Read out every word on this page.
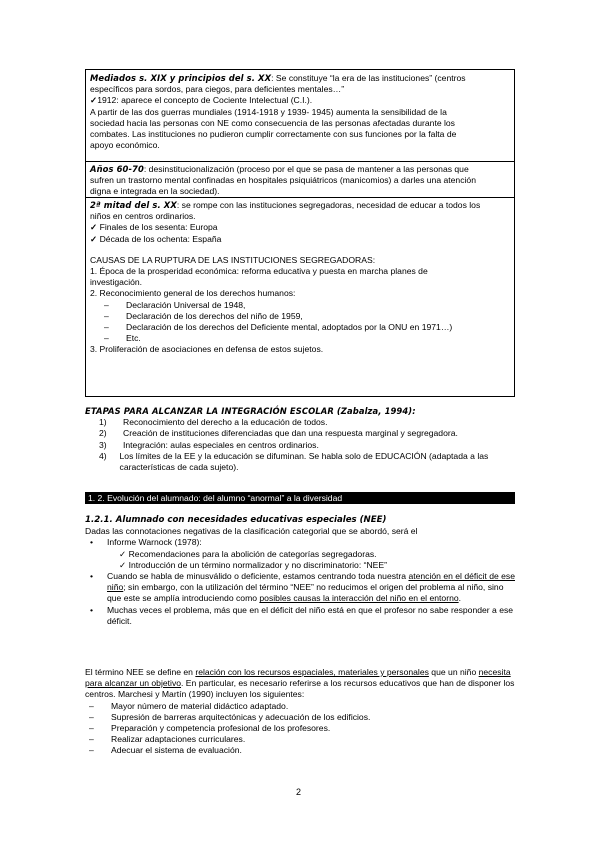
Mediados s. XIX y principios del s. XX: Se constituye “la era de las instituciones” (centros
específicos para sordos, para ciegos, para deficientes mentales…”
✓1912: aparece el concepto de Cociente Intelectual (C.I.).
A partir de las dos guerras mundiales (1914-1918 y 1939- 1945) aumenta la sensibilidad de la
sociedad hacia las personas con NE como consecuencia de las personas afectadas durante los
combates. Las instituciones no pudieron cumplir correctamente con sus funciones por la falta de
apoyo económico.
Años 60-70: desinstitucionalización (proceso por el que se pasa de mantener a las personas que
sufren un trastorno mental confinadas en hospitales psiquiátricos (manicomios) a darles una atención
digna e integrada en la sociedad).
2ª mitad del s. XX: se rompe con las instituciones segregadoras, necesidad de educar a todos los
niños en centros ordinarios.
✓ Finales de los sesenta: Europa
✓ Década de los ochenta: España
CAUSAS DE LA RUPTURA DE LAS INSTITUCIONES SEGREGADORAS:
1. Época de la prosperidad económica: reforma educativa y puesta en marcha planes de
investigación.
2. Reconocimiento general de los derechos humanos:
– Declaración Universal de 1948,
– Declaración de los derechos del niño de 1959,
– Declaración de los derechos del Deficiente mental, adoptados por la ONU en 1971…)
– Etc.
3. Proliferación de asociaciones en defensa de estos sujetos.
ETAPAS PARA ALCANZAR LA INTEGRACIÓN ESCOLAR (Zabalza, 1994):
1)	Reconocimiento del derecho a la educación de todos.
2)	Creación de instituciones diferenciadas que dan una respuesta marginal y segregadora.
3)	Integración: aulas especiales en centros ordinarios.
4)	Los límites de la EE y la educación se difuminan. Se habla solo de EDUCACIÓN (adaptada a las características de cada sujeto).
1. 2. Evolución del alumnado: del alumno “anormal” a la diversidad
1.2.1. Alumnado con necesidades educativas especiales (NEE)
Dadas las connotaciones negativas de la clasificación categorial que se abordó, será el
•	Informe Warnock (1978):
✓ Recomendaciones para la abolición de categorías segregadoras.
✓ Introducción de un término normalizador y no discriminatorio: “NEE”
•	Cuando se habla de minusválido o deficiente, estamos centrando toda nuestra atención en el déficit de ese niño; sin embargo, con la utilización del término “NEE” no reducimos el origen del problema al niño, sino que este se amplía introduciendo como posibles causas la interacción del niño en el entorno.
•	Muchas veces el problema, más que en el déficit del niño está en que el profesor no sabe responder a ese déficit.
El término NEE se define en relación con los recursos espaciales, materiales y personales que un niño necesita para alcanzar un objetivo. En particular, es necesario referirse a los recursos educativos que han de disponer los centros. Marchesi y Martín (1990) incluyen los siguientes:
– Mayor número de material didáctico adaptado.
– Supresión de barreras arquitectónicas y adecuación de los edificios.
– Preparación y competencia profesional de los profesores.
– Realizar adaptaciones curriculares.
– Adecuar el sistema de evaluación.
2
